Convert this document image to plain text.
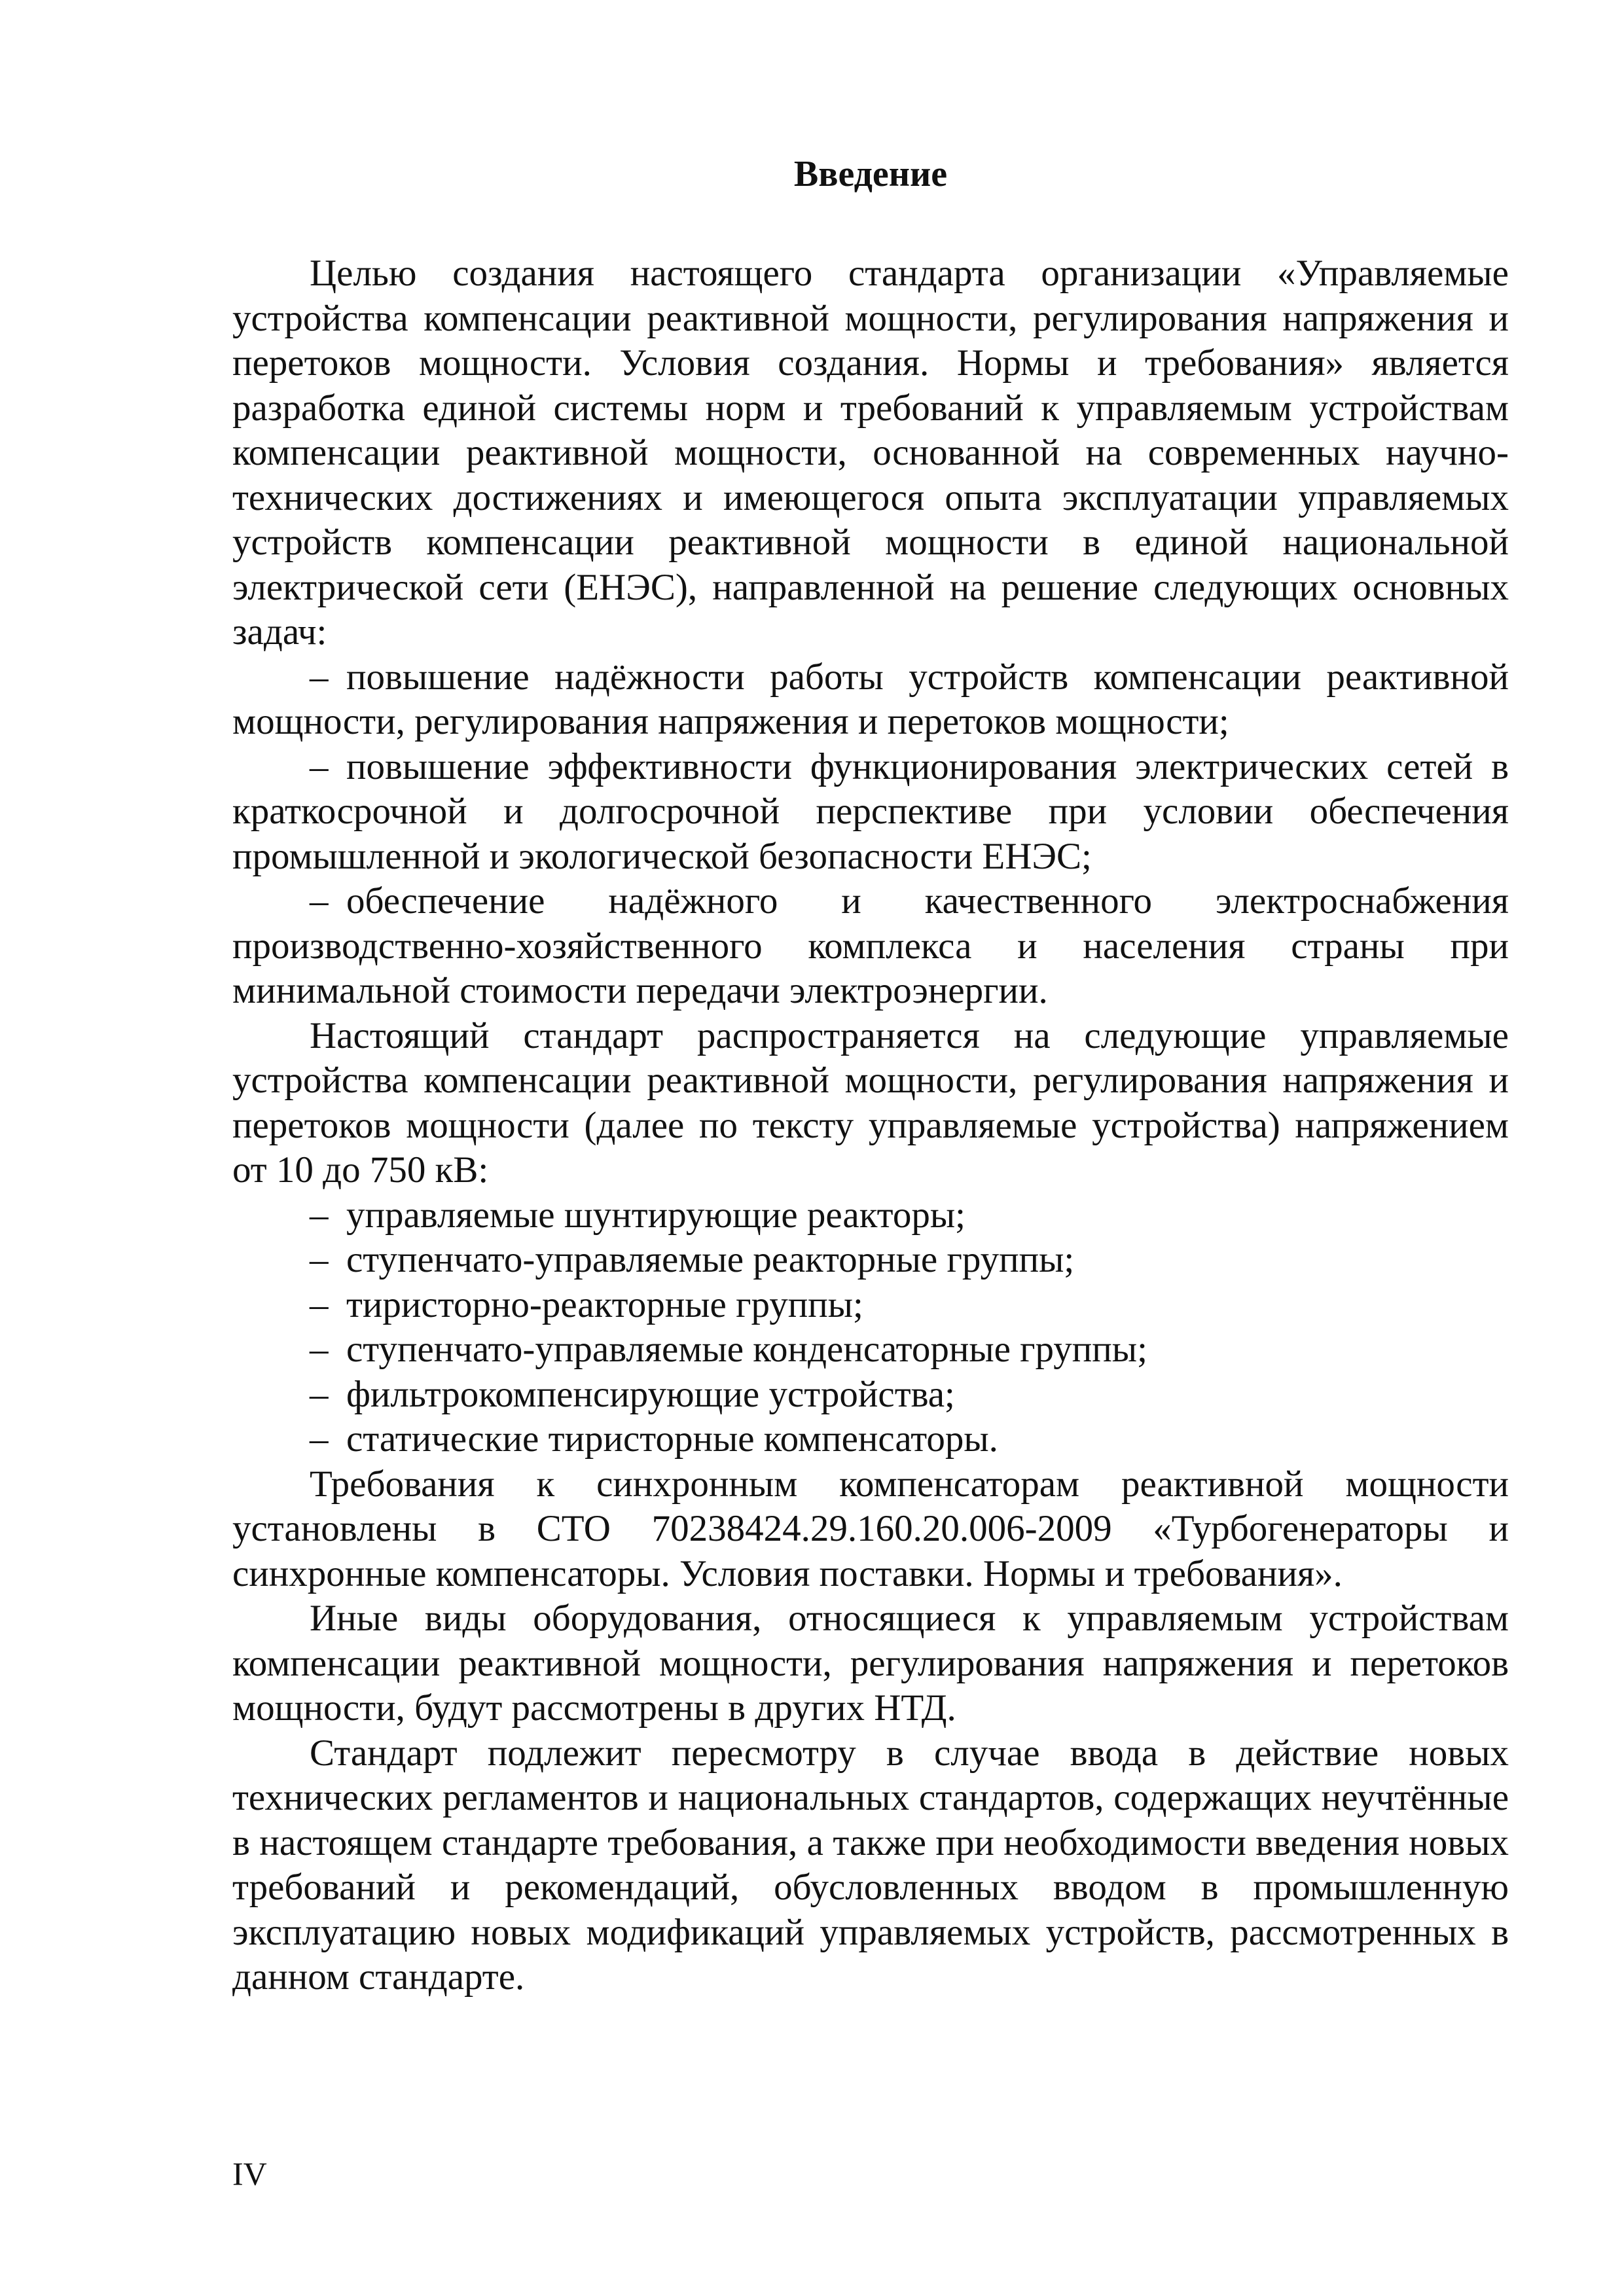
Введение

Целью создания настоящего стандарта организации «Управляемые устройства компенсации реактивной мощности, регулирования напряжения и перетоков мощности. Условия создания. Нормы и требования» является разработка единой системы норм и требований к управляемым устройствам компенсации реактивной мощности, основанной на современных научно-технических достижениях и имеющегося опыта эксплуатации управляемых устройств компенсации реактивной мощности в единой национальной электрической сети (ЕНЭС), направленной на решение следующих основных задач:

– повышение надёжности работы устройств компенсации реактивной мощности, регулирования напряжения и перетоков мощности;

– повышение эффективности функционирования электрических сетей в краткосрочной и долгосрочной перспективе при условии обеспечения промышленной и экологической безопасности ЕНЭС;

– обеспечение надёжного и качественного электроснабжения производственно-хозяйственного комплекса и населения страны при минимальной стоимости передачи электроэнергии.

Настоящий стандарт распространяется на следующие управляемые устройства компенсации реактивной мощности, регулирования напряжения и перетоков мощности (далее по тексту управляемые устройства) напряжением от 10 до 750 кВ:

– управляемые шунтирующие реакторы;

– ступенчато-управляемые реакторные группы;

– тиристорно-реакторные группы;

– ступенчато-управляемые конденсаторные группы;

– фильтрокомпенсирующие устройства;

– статические тиристорные компенсаторы.

Требования к синхронным компенсаторам реактивной мощности установлены в СТО 70238424.29.160.20.006-2009 «Турбогенераторы и синхронные компенсаторы. Условия поставки. Нормы и требования».

Иные виды оборудования, относящиеся к управляемым устройствам компенсации реактивной мощности, регулирования напряжения и перетоков мощности, будут рассмотрены в других НТД.

Стандарт подлежит пересмотру в случае ввода в действие новых технических регламентов и национальных стандартов, содержащих неучтённые в настоящем стандарте требования, а также при необходимости введения новых требований и рекомендаций, обусловленных вводом в промышленную эксплуатацию новых модификаций управляемых устройств, рассмотренных в данном стандарте.

IV
